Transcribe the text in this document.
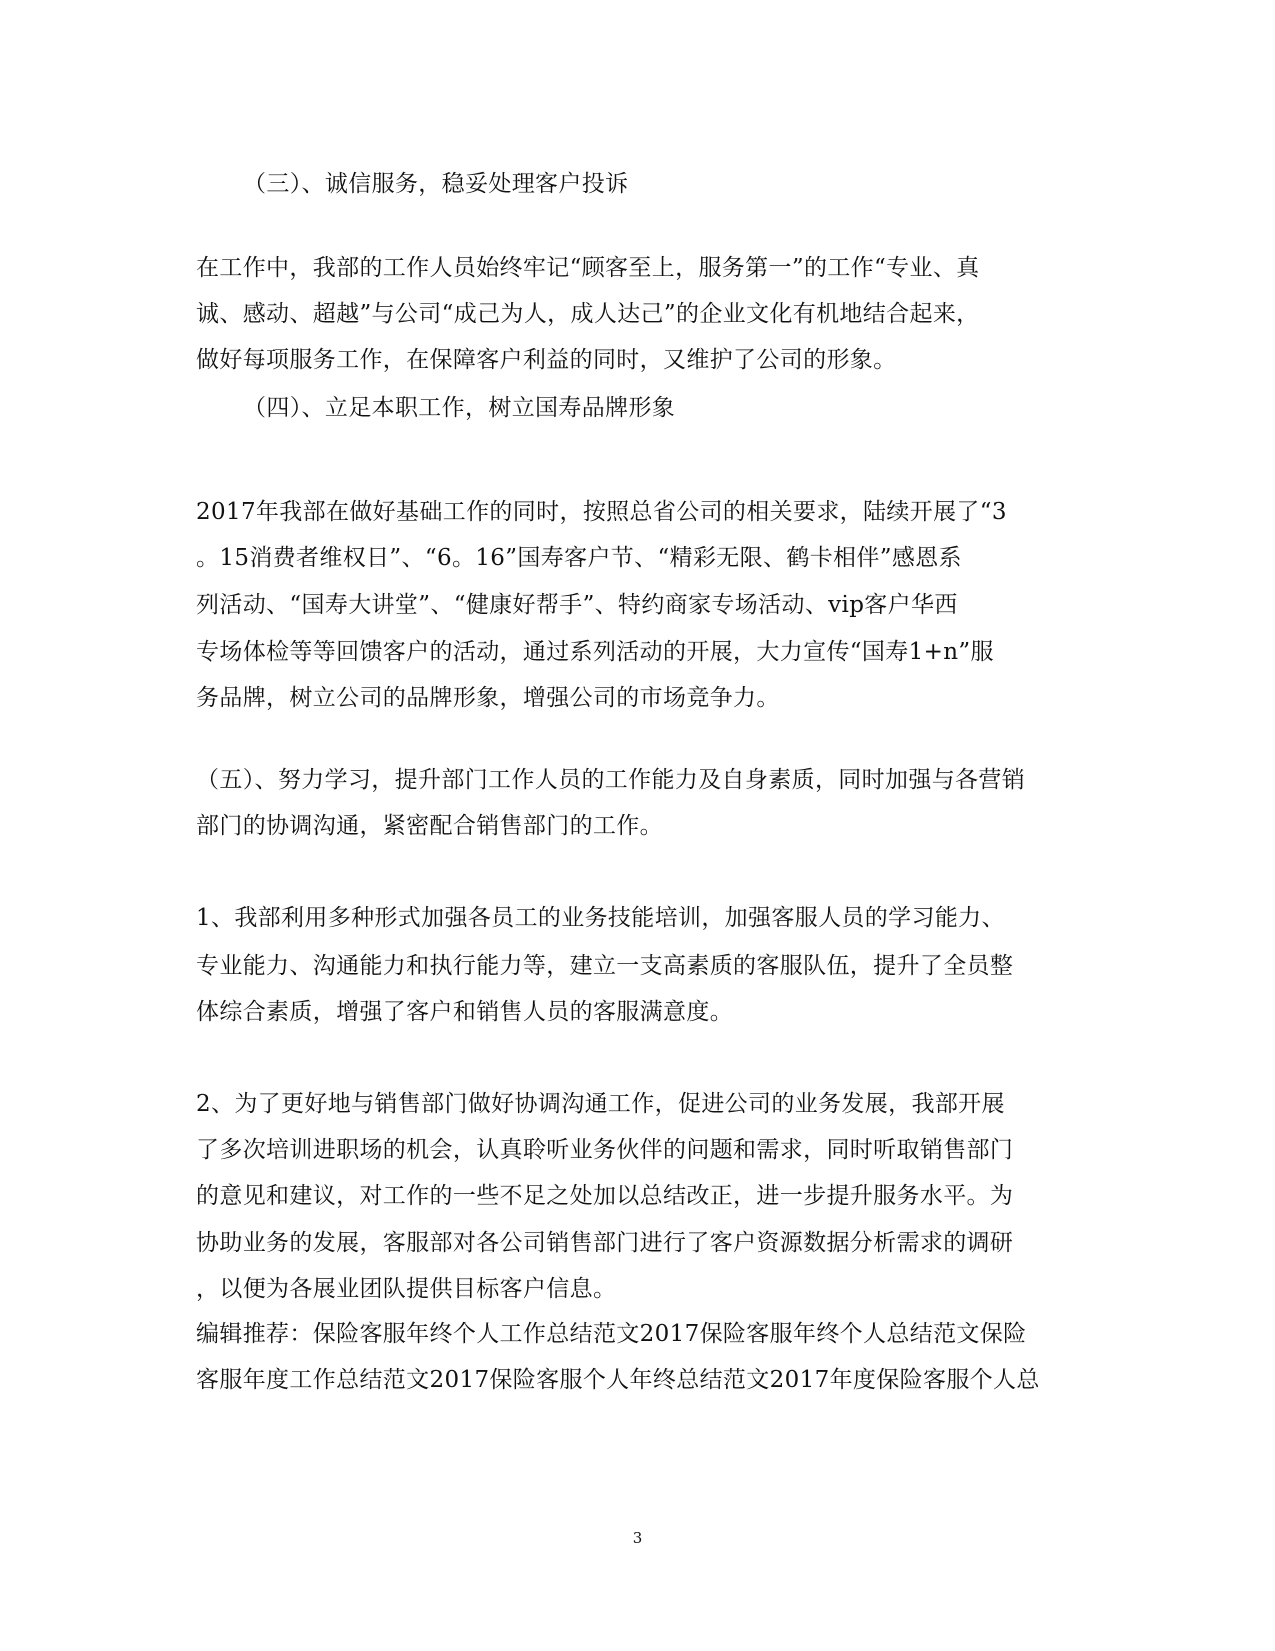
（三）、诚信服务，稳妥处理客户投诉
在工作中，我部的工作人员始终牢记“顾客至上，服务第一”的工作“专业、真
诚、感动、超越”与公司“成己为人，成人达己”的企业文化有机地结合起来，
做好每项服务工作，在保障客户利益的同时，又维护了公司的形象。
（四）、立足本职工作，树立国寿品牌形象
2017年我部在做好基础工作的同时，按照总省公司的相关要求，陆续开展了“3
。15消费者维权日”、“6。16”国寿客户节、“精彩无限、鹤卡相伴”感恩系
列活动、“国寿大讲堂”、“健康好帮手”、特约商家专场活动、vip客户华西
专场体检等等回馈客户的活动，通过系列活动的开展，大力宣传“国寿1+n”服
务品牌，树立公司的品牌形象，增强公司的市场竞争力。
（五）、努力学习，提升部门工作人员的工作能力及自身素质，同时加强与各营销
部门的协调沟通，紧密配合销售部门的工作。
1、我部利用多种形式加强各员工的业务技能培训，加强客服人员的学习能力、
专业能力、沟通能力和执行能力等，建立一支高素质的客服队伍，提升了全员整
体综合素质，增强了客户和销售人员的客服满意度。
2、为了更好地与销售部门做好协调沟通工作，促进公司的业务发展，我部开展
了多次培训进职场的机会，认真聆听业务伙伴的问题和需求，同时听取销售部门
的意见和建议，对工作的一些不足之处加以总结改正，进一步提升服务水平。为
协助业务的发展，客服部对各公司销售部门进行了客户资源数据分析需求的调研
，以便为各展业团队提供目标客户信息。
编辑推荐：保险客服年终个人工作总结范文2017保险客服年终个人总结范文保险
客服年度工作总结范文2017保险客服个人年终总结范文2017年度保险客服个人总
3
